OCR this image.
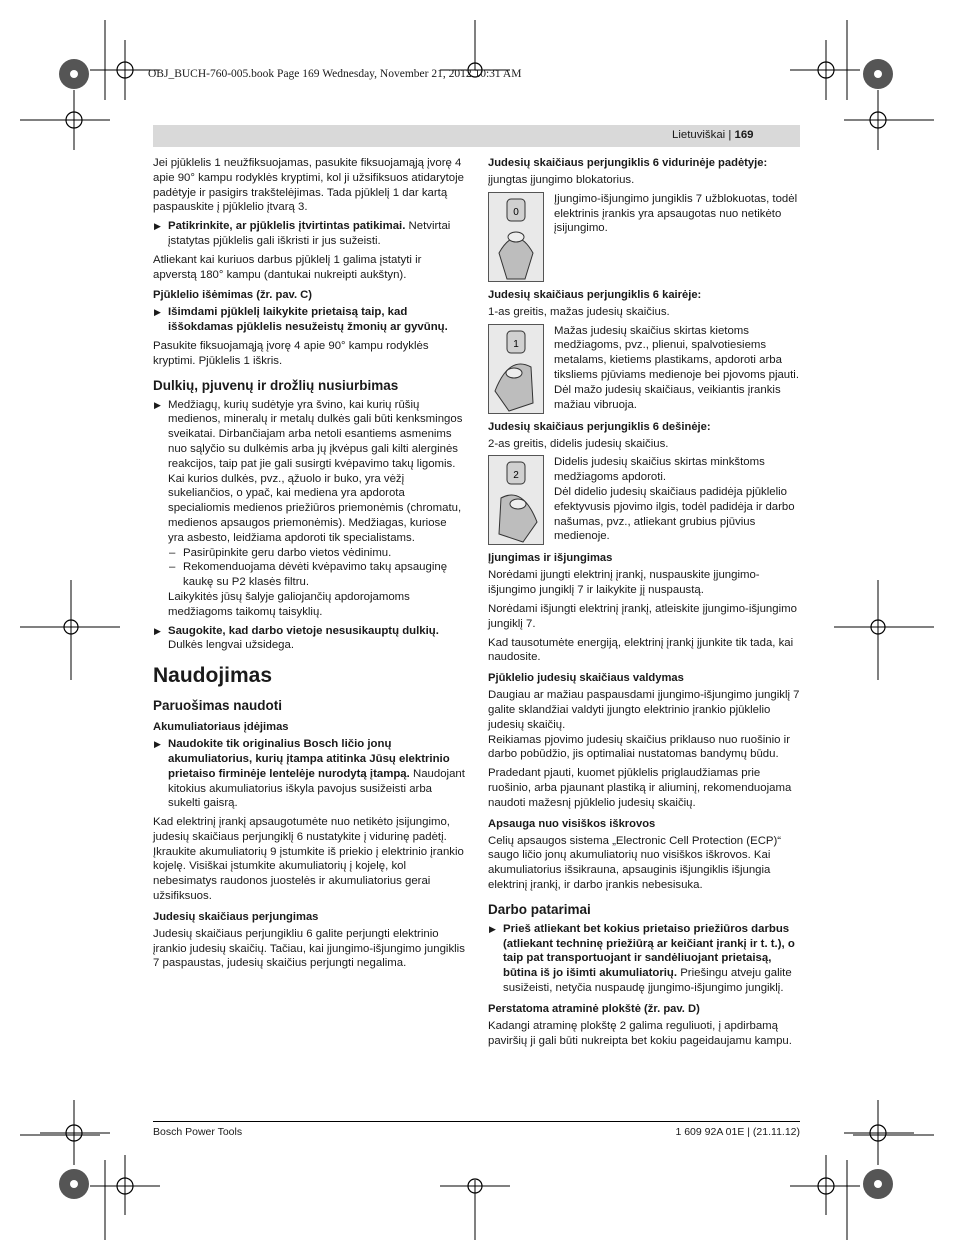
OBJ_BUCH-760-005.book Page 169 Wednesday, November 21, 2012 10:31 AM
Lietuviškai | 169

Jei pjūklelis 1 neužfiksuojamas, pasukite fiksuojamąją įvorę 4 apie 90° kampu rodyklės kryptimi, kol ji užsifiksuos atidarytoje padėtyje ir pasigirs trakštelėjimas. Tada pjūklelį 1 dar kartą paspauskite į pjūklelio įtvarą 3.

▶ Patikrinkite, ar pjūklelis įtvirtintas patikimai. Netvirtai įstatytas pjūklelis gali iškristi ir jus sužeisti.

Atliekant kai kuriuos darbus pjūklelį 1 galima įstatyti ir apverstą 180° kampu (dantukai nukreipti aukštyn).

Pjūklelio išėmimas (žr. pav. C)
▶ Išimdami pjūklelį laikykite prietaisą taip, kad iššokdamas pjūklelis nesužeistų žmonių ar gyvūnų.

Pasukite fiksuojamąją įvorę 4 apie 90° kampu rodyklės kryptimi. Pjūklelis 1 iškris.

Dulkių, pjuvenų ir drožlių nusiurbimas
▶ Medžiagų, kurių sudėtyje yra švino, kai kurių rūšių medienos, mineralų ir metalų dulkės gali būti kenksmingos sveikatai. Dirbančiajam arba netoli esantiems asmenims nuo sąlyčio su dulkėmis arba jų įkvėpus gali kilti alerginės reakcijos, taip pat jie gali susirgti kvėpavimo takų ligomis. Kai kurios dulkės, pvz., ąžuolo ir buko, yra vėžį sukeliančios, o ypač, kai mediena yra apdorota specialiomis medienos priežiūros priemonėmis (chromatu, medienos apsaugos priemonėmis). Medžiagas, kuriose yra asbesto, leidžiama apdoroti tik specialistams.
– Pasirūpinkite geru darbo vietos vėdinimu.
– Rekomenduojama dėvėti kvėpavimo takų apsauginę kaukę su P2 klasės filtru.
Laikykitės jūsų šalyje galiojančių apdorojamoms medžiagoms taikomų taisyklių.
▶ Saugokite, kad darbo vietoje nesusikauptų dulkių. Dulkės lengvai užsidega.
Naudojimas
Paruošimas naudoti
Akumuliatoriaus įdėjimas
▶ Naudokite tik originalius Bosch ličio jonų akumuliatorius, kurių įtampa atitinka Jūsų elektrinio prietaiso firminėje lentelėje nurodytą įtampą. Naudojant kitokius akumuliatorius iškyla pavojus susižeisti arba sukelti gaisrą.

Kad elektrinį įrankį apsaugotumėte nuo netikėto įsijungimo, judesių skaičiaus perjungiklį 6 nustatykite į vidurinę padėtį. Įkraukite akumuliatorių 9 įstumkite iš priekio į elektrinio įrankio kojelę. Visiškai įstumkite akumuliatorių į kojelę, kol nebesimatys raudonos juostelės ir akumuliatorius gerai užsifiksuos.

Judesių skaičiaus perjungimas

Judesių skaičiaus perjungikliu 6 galite perjungti elektrinio įrankio judesių skaičių. Tačiau, kai įjungimo-išjungimo jungiklis 7 paspaustas, judesių skaičius perjungti negalima.

Judesių skaičiaus perjungiklis 6 vidurinėje padėtyje:

įjungtas įjungimo blokatorius.

0
Įjungimo-išjungimo jungiklis 7 užblokuotas, todėl elektrinis įrankis yra apsaugotas nuo netikėto įsijungimo.
Judesių skaičiaus perjungiklis 6 kairėje:

1-as greitis, mažas judesių skaičius.

1
Mažas judesių skaičius skirtas kietoms medžiagoms, pvz., plienui, spalvotiesiems metalams, kietiems plastikams, apdoroti arba tiksliems pjūviams medienoje bei pjovoms pjauti.
Dėl mažo judesių skaičiaus, veikiantis įrankis mažiau vibruoja.
Judesių skaičiaus perjungiklis 6 dešinėje:

2-as greitis, didelis judesių skaičius.

2
Didelis judesių skaičius skirtas minkštoms medžiagoms apdoroti.
Dėl didelio judesių skaičiaus padidėja pjūklelio efektyvusis pjovimo ilgis, todėl padidėja ir darbo našumas, pvz., atliekant grubius pjūvius medienoje.
Įjungimas ir išjungimas

Norėdami įjungti elektrinį įrankį, nuspauskite įjungimo-išjungimo jungiklį 7 ir laikykite jį nuspaustą.

Norėdami išjungti elektrinį įrankį, atleiskite įjungimo-išjungimo jungiklį 7.

Kad tausotumėte energiją, elektrinį įrankį įjunkite tik tada, kai naudosite.

Pjūklelio judesių skaičiaus valdymas

Daugiau ar mažiau paspausdami įjungimo-išjungimo jungiklį 7 galite sklandžiai valdyti įjungto elektrinio įrankio pjūklelio judesių skaičių.

Reikiamas pjovimo judesių skaičius priklauso nuo ruošinio ir darbo pobūdžio, jis optimaliai nustatomas bandymų būdu.

Pradedant pjauti, kuomet pjūklelis priglaudžiamas prie ruošinio, arba pjaunant plastiką ir aliuminį, rekomenduojama naudoti mažesnį pjūklelio judesių skaičių.

Apsauga nuo visiškos iškrovos

Celių apsaugos sistema „Electronic Cell Protection (ECP)“ saugo ličio jonų akumuliatorių nuo visiškos iškrovos. Kai akumuliatorius išsikrauna, apsauginis išjungiklis išjungia elektrinį įrankį, ir darbo įrankis nebesisuka.

Darbo patarimai
▶ Prieš atliekant bet kokius prietaiso priežiūros darbus (atliekant techninę priežiūrą ar keičiant įrankį ir t. t.), o taip pat transportuojant ir sandėliuojant prietaisą, būtina iš jo išimti akumuliatorių. Priešingu atveju galite susižeisti, netyčia nuspaudę įjungimo-išjungimo jungiklį.
Perstatoma atraminė plokštė (žr. pav. D)

Kadangi atraminę plokštę 2 galima reguliuoti, į apdirbamą paviršių ji gali būti nukreipta bet kokiu pageidaujamu kampu.

Bosch Power Tools	1 609 92A 01E | (21.11.12)
